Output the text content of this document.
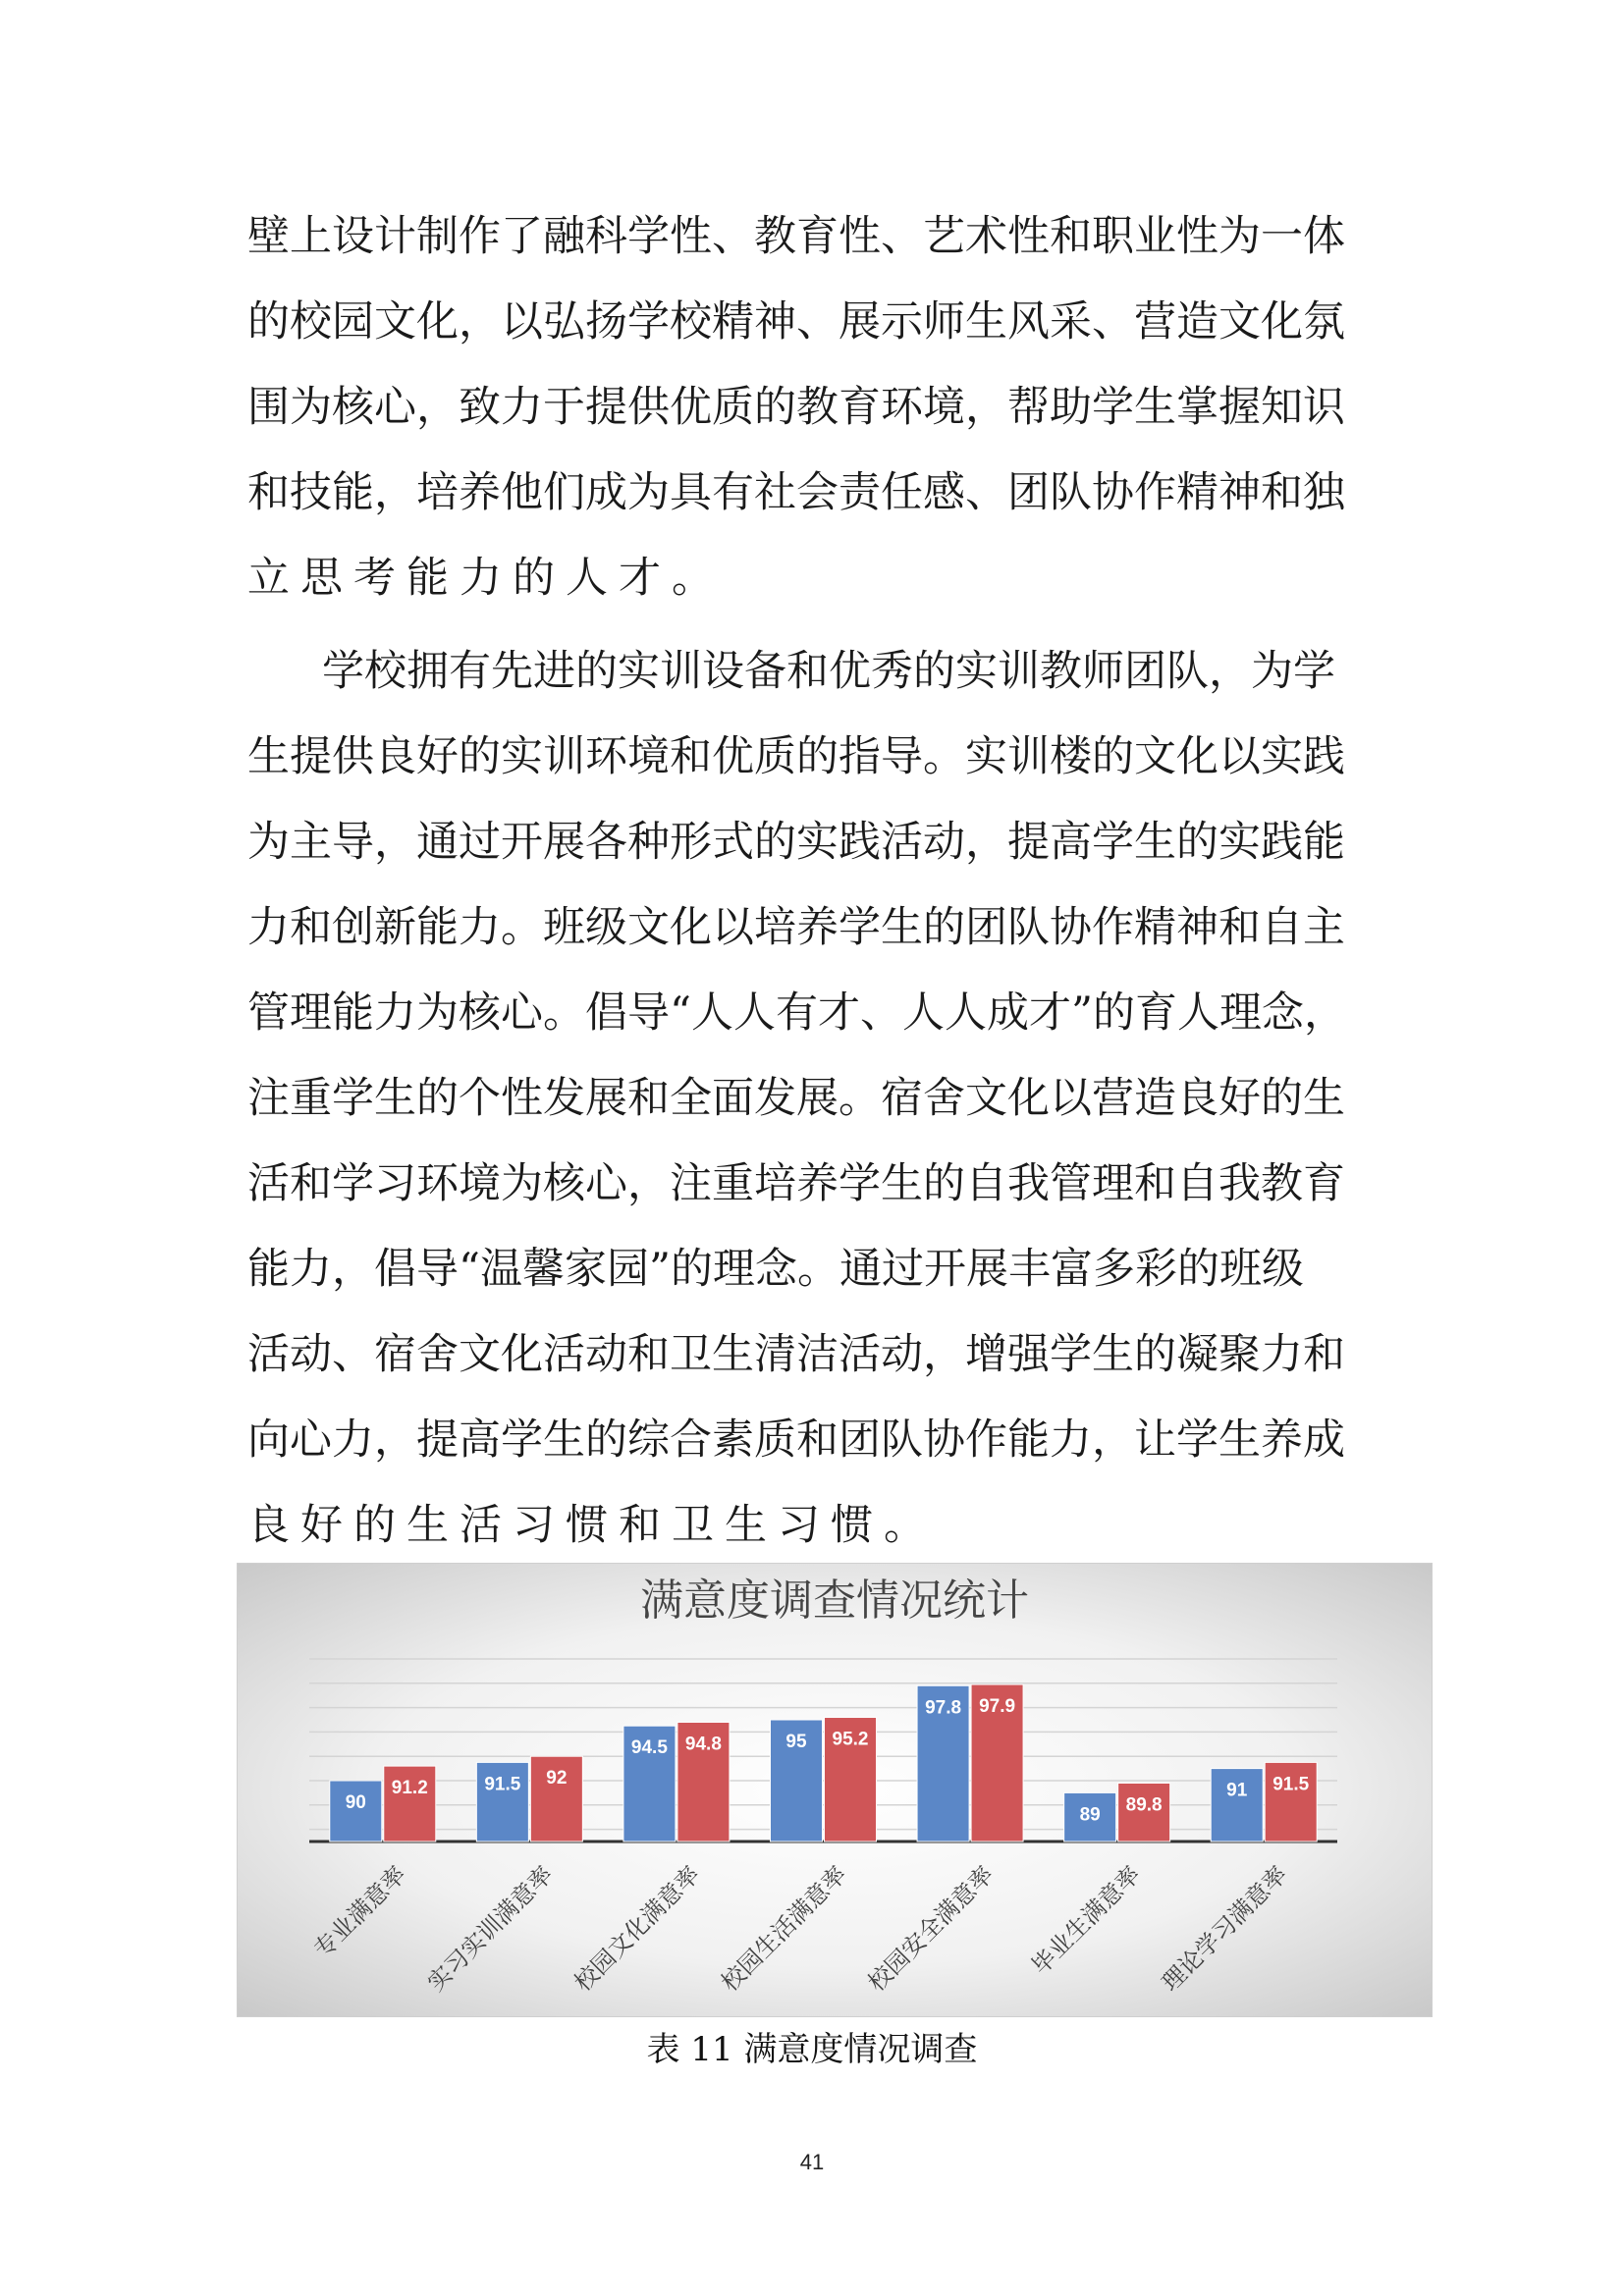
壁上设计制作了融科学性、教育性、艺术性和职业性为一体
的校园文化，以弘扬学校精神、展示师生风采、营造文化氛
围为核心，致力于提供优质的教育环境，帮助学生掌握知识
和技能，培养他们成为具有社会责任感、团队协作精神和独
立思考能力的人才。
学校拥有先进的实训设备和优秀的实训教师团队，为学
生提供良好的实训环境和优质的指导。实训楼的文化以实践
为主导，通过开展各种形式的实践活动，提高学生的实践能
力和创新能力。班级文化以培养学生的团队协作精神和自主
管理能力为核心。倡导“人人有才、人人成才”的育人理念，
注重学生的个性发展和全面发展。宿舍文化以营造良好的生
活和学习环境为核心，注重培养学生的自我管理和自我教育
能力，倡导“温馨家园”的理念。通过开展丰富多彩的班级
活动、宿舍文化活动和卫生清洁活动，增强学生的凝聚力和
向心力，提高学生的综合素质和团队协作能力，让学生养成
良好的生活习惯和卫生习惯。
满意度调查情况统计
90
91.2	91.5 92
94.5 94.8	95 95.2
97.8 97.9
89 89.8
91 91.5
专业满意率 实习实训满意率 校园文化满意率 校园生活满意率 校园安全满意率 毕业生满意率 理论学习满意率
表 11 满意度情况调查
41
